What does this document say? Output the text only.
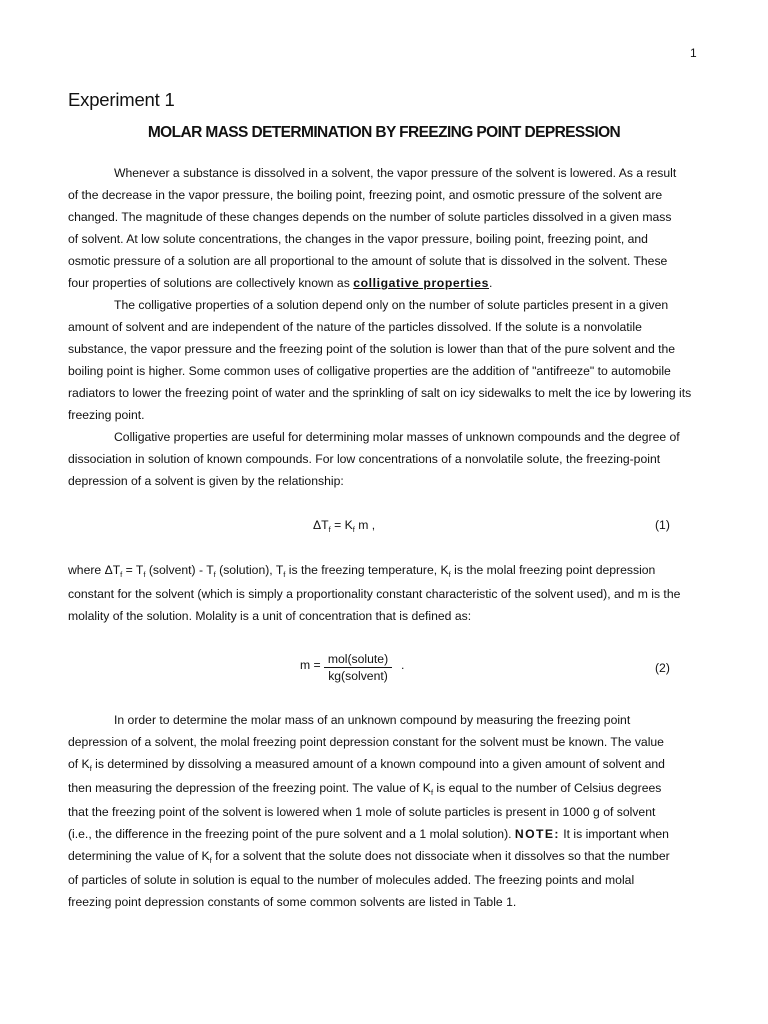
1
Experiment 1
MOLAR MASS DETERMINATION BY FREEZING POINT DEPRESSION
Whenever a substance is dissolved in a solvent, the vapor pressure of the solvent is lowered. As a result
of the decrease in the vapor pressure, the boiling point, freezing point, and osmotic pressure of the solvent are
changed. The magnitude of these changes depends on the number of solute particles dissolved in a given mass
of solvent. At low solute concentrations, the changes in the vapor pressure, boiling point, freezing point, and
osmotic pressure of a solution are all proportional to the amount of solute that is dissolved in the solvent. These
four properties of solutions are collectively known as colligative properties.
The colligative properties of a solution depend only on the number of solute particles present in a given
amount of solvent and are independent of the nature of the particles dissolved. If the solute is a nonvolatile
substance, the vapor pressure and the freezing point of the solution is lower than that of the pure solvent and the
boiling point is higher. Some common uses of colligative properties are the addition of "antifreeze" to automobile
radiators to lower the freezing point of water and the sprinkling of salt on icy sidewalks to melt the ice by lowering its
freezing point.
Colligative properties are useful for determining molar masses of unknown compounds and the degree of
dissociation in solution of known compounds. For low concentrations of a nonvolatile solute, the freezing-point
depression of a solvent is given by the relationship:
$\Delta T_f = K_f$ m ,	(1)
where $\Delta T_f = T_f$ (solvent) - $T_f$ (solution), $T_f$ is the freezing temperature, $K_f$ is the molal freezing point depression
constant for the solvent (which is simply a proportionality constant characteristic of the solvent used), and m is the
molality of the solution. Molality is a unit of concentration that is defined as:
m = mol(solute)
kg(solvent)
.	(2)
In order to determine the molar mass of an unknown compound by measuring the freezing point
depression of a solvent, the molal freezing point depression constant for the solvent must be known. The value
of $K_f$ is determined by dissolving a measured amount of a known compound into a given amount of solvent and
then measuring the depression of the freezing point. The value of $K_f$ is equal to the number of Celsius degrees
that the freezing point of the solvent is lowered when 1 mole of solute particles is present in 1000 g of solvent
(i.e., the difference in the freezing point of the pure solvent and a 1 molal solution). NOTE: It is important when
determining the value of $K_f$ for a solvent that the solute does not dissociate when it dissolves so that the number
of particles of solute in solution is equal to the number of molecules added. The freezing points and molal
freezing point depression constants of some common solvents are listed in Table 1.
